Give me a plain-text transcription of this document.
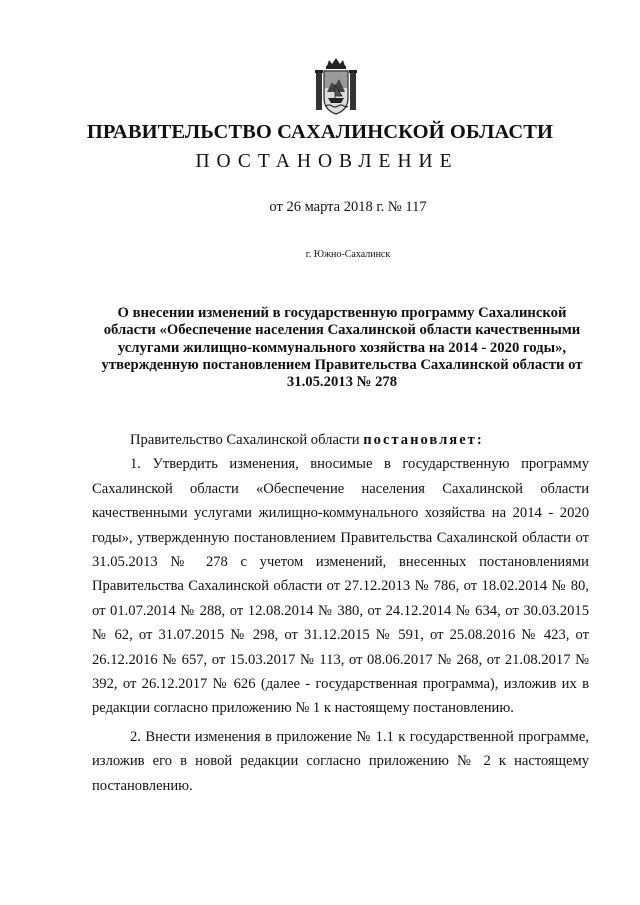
ПРАВИТЕЛЬСТВО САХАЛИНСКОЙ ОБЛАСТИ
ПОСТАНОВЛЕНИЕ
от 26 марта 2018 г. № 117
г. Южно-Сахалинск
О внесении изменений в государственную программу Сахалинской области «Обеспечение населения Сахалинской области качественными услугами жилищно-коммунального хозяйства на 2014 - 2020 годы», утвержденную постановлением Правительства Сахалинской области от 31.05.2013 № 278

Правительство Сахалинской области постановляет:

1. Утвердить изменения, вносимые в государственную программу Сахалинской области «Обеспечение населения Сахалинской области качественными услугами жилищно-коммунального хозяйства на 2014 - 2020 годы», утвержденную постановлением Правительства Сахалинской области от 31.05.2013 № 278 с учетом изменений, внесенных постановлениями Правительства Сахалинской области от 27.12.2013 № 786, от 18.02.2014 № 80, от 01.07.2014 № 288, от 12.08.2014 № 380, от 24.12.2014 № 634, от 30.03.2015 № 62, от 31.07.2015 № 298, от 31.12.2015 № 591, от 25.08.2016 № 423, от 26.12.2016 № 657, от 15.03.2017 № 113, от 08.06.2017 № 268, от 21.08.2017 № 392, от 26.12.2017 № 626 (далее - государственная программа), изложив их в редакции согласно приложению № 1 к настоящему постановлению.

2. Внести изменения в приложение № 1.1 к государственной программе, изложив его в новой редакции согласно приложению № 2 к настоящему постановлению.
